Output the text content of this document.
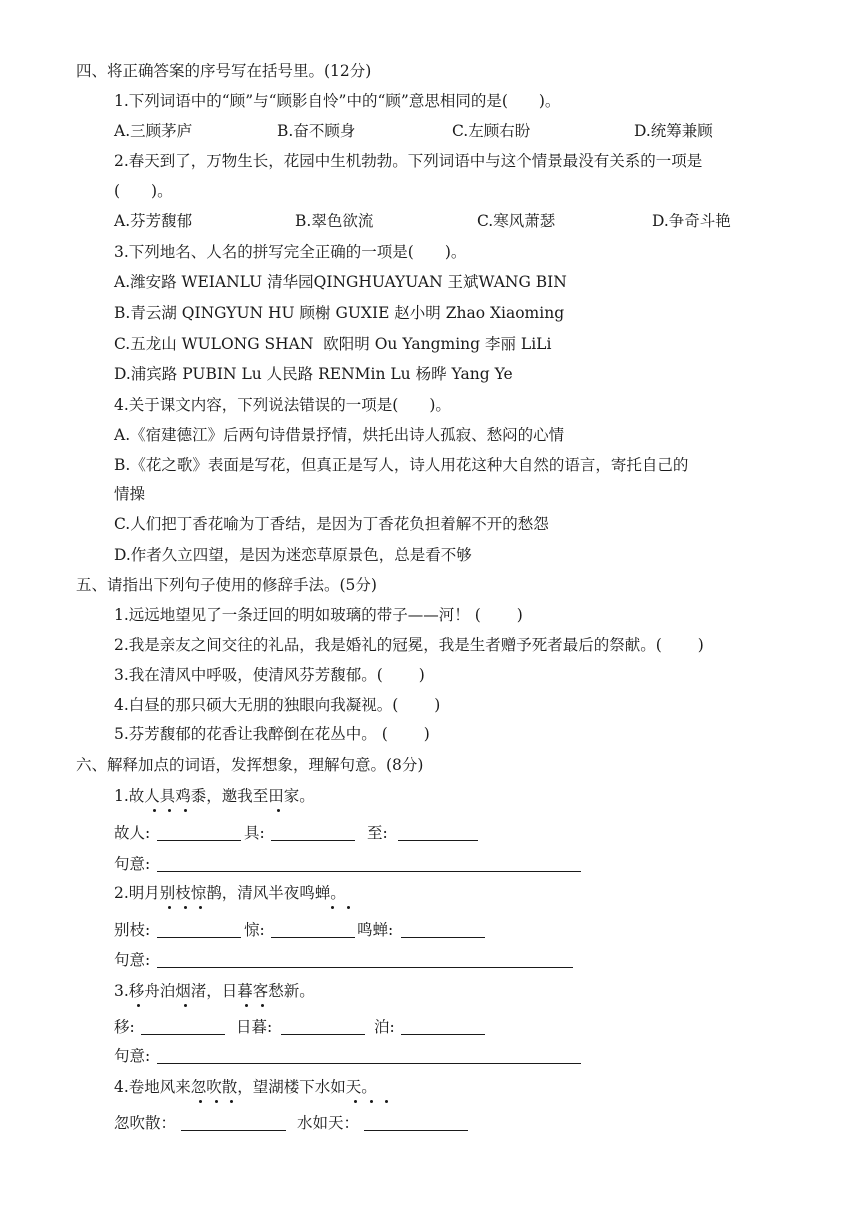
四、将正确答案的序号写在括号里。(12分)
1.下列词语中的“顾”与“顾影自怜”中的“顾”意思相同的是(　　)。
A.三顾茅庐	B.奋不顾身	C.左顾右盼	D.统筹兼顾
2.春天到了，万物生长，花园中生机勃勃。下列词语中与这个情景最没有关系的一项是
(　　)。
A.芬芳馥郁	B.翠色欲流	C.寒风萧瑟	D.争奇斗艳
3.下列地名、人名的拼写完全正确的一项是(　　)。
A.潍安路 WEIANLU 清华园QINGHUAYUAN 王斌WANG BIN
B.青云湖 QINGYUN HU 顾榭 GUXIE 赵小明 Zhao Xiaoming
C.五龙山 WULONG SHAN  欧阳明 Ou Yangming 李丽 LiLi
D.浦宾路 PUBIN Lu 人民路 RENMin Lu 杨晔 Yang Ye
4.关于课文内容，下列说法错误的一项是(　　)。
A.《宿建德江》后两句诗借景抒情，烘托出诗人孤寂、愁闷的心情
B.《花之歌》表面是写花，但真正是写人，诗人用花这种大自然的语言，寄托自己的
情操
C.人们把丁香花喻为丁香结，是因为丁香花负担着解不开的愁怨
D.作者久立四望，是因为迷恋草原景色，总是看不够
五、请指出下列句子使用的修辞手法。(5分)
1.远远地望见了一条迂回的明如玻璃的带子——河！ (　　 )
2.我是亲友之间交往的礼品，我是婚礼的冠冕，我是生者赠予死者最后的祭献。(　　 )
3.我在清风中呼吸，使清风芬芳馥郁。(　　 )
4.白昼的那只硕大无朋的独眼向我凝视。(　　 )
5.芬芳馥郁的花香让我醉倒在花丛中。 (　　 )
六、解释加点的词语，发挥想象，理解句意。(8分)
1.故人具鸡黍，邀我至田家。
故人:	具:	至:
句意:
2.明月别枝惊鹊，清风半夜鸣蝉。
别枝:	惊:	鸣蝉:
句意:
3.移舟泊烟渚，日暮客愁新。
移:	日暮:	泊:
句意:
4.卷地风来忽吹散，望湖楼下水如天。
忽吹散：	水如天：
